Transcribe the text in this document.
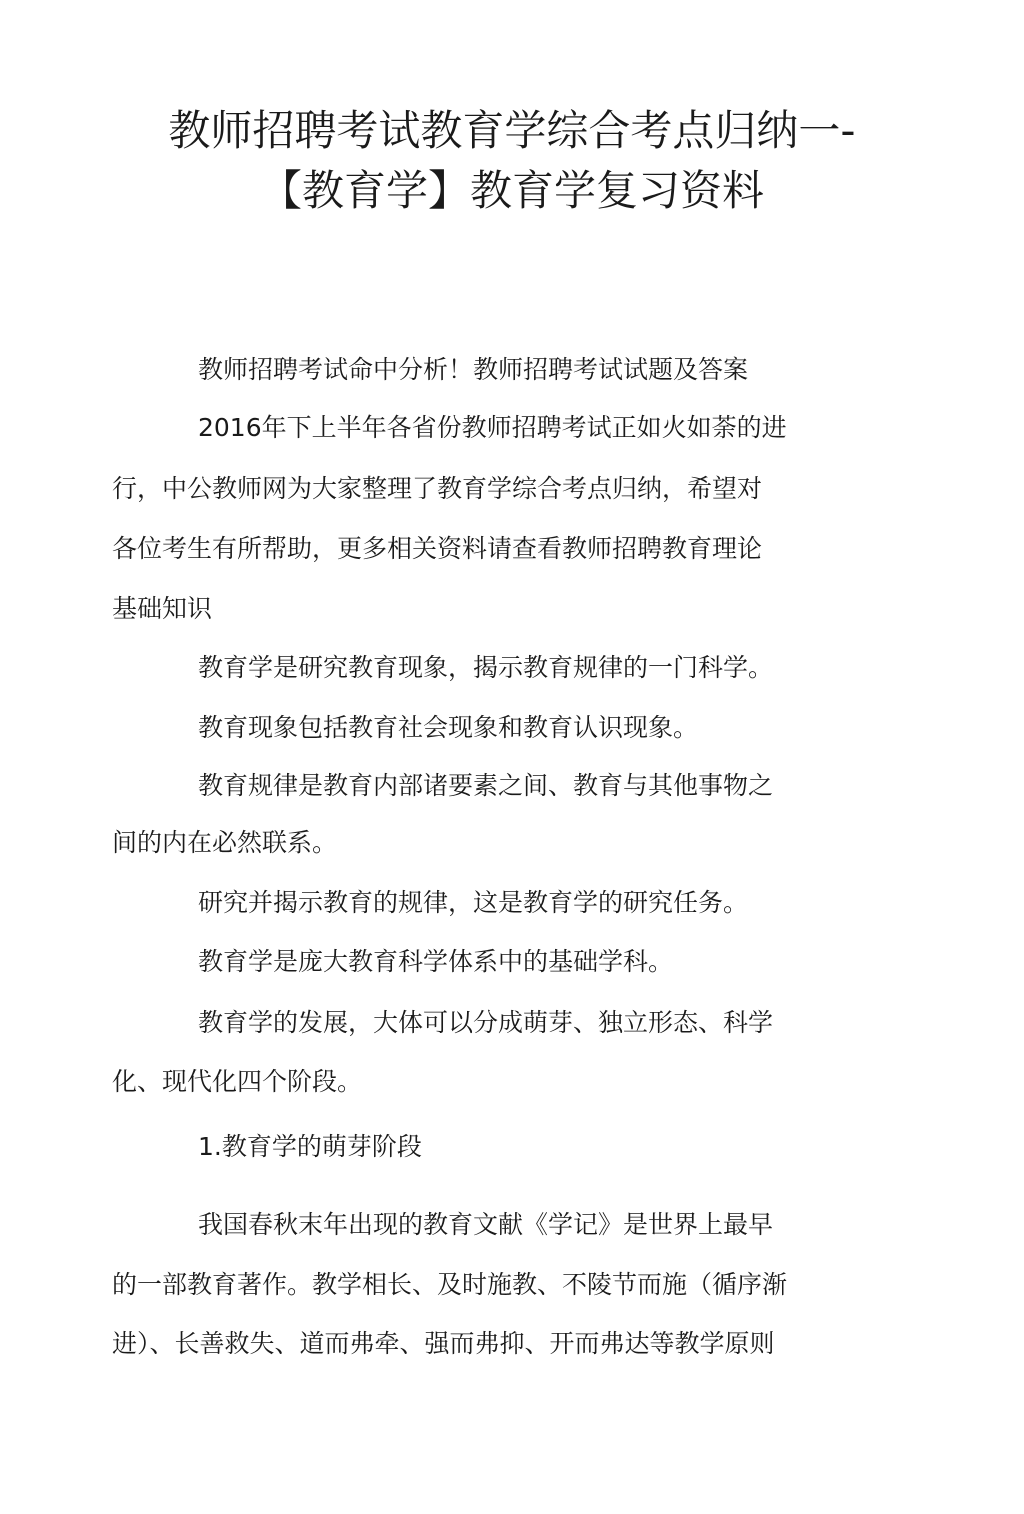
教师招聘考试教育学综合考点归纳一-
【教育学】教育学复习资料

教师招聘考试命中分析！教师招聘考试试题及答案

2016年下上半年各省份教师招聘考试正如火如荼的进

行，中公教师网为大家整理了教育学综合考点归纳，希望对

各位考生有所帮助，更多相关资料请查看教师招聘教育理论

基础知识

教育学是研究教育现象，揭示教育规律的一门科学。

教育现象包括教育社会现象和教育认识现象。

教育规律是教育内部诸要素之间、教育与其他事物之

间的内在必然联系。

研究并揭示教育的规律，这是教育学的研究任务。

教育学是庞大教育科学体系中的基础学科。

教育学的发展，大体可以分成萌芽、独立形态、科学

化、现代化四个阶段。

1.教育学的萌芽阶段

我国春秋末年出现的教育文献《学记》是世界上最早

的一部教育著作。教学相长、及时施教、不陵节而施（循序渐

进）、长善救失、道而弗牵、强而弗抑、开而弗达等教学原则
